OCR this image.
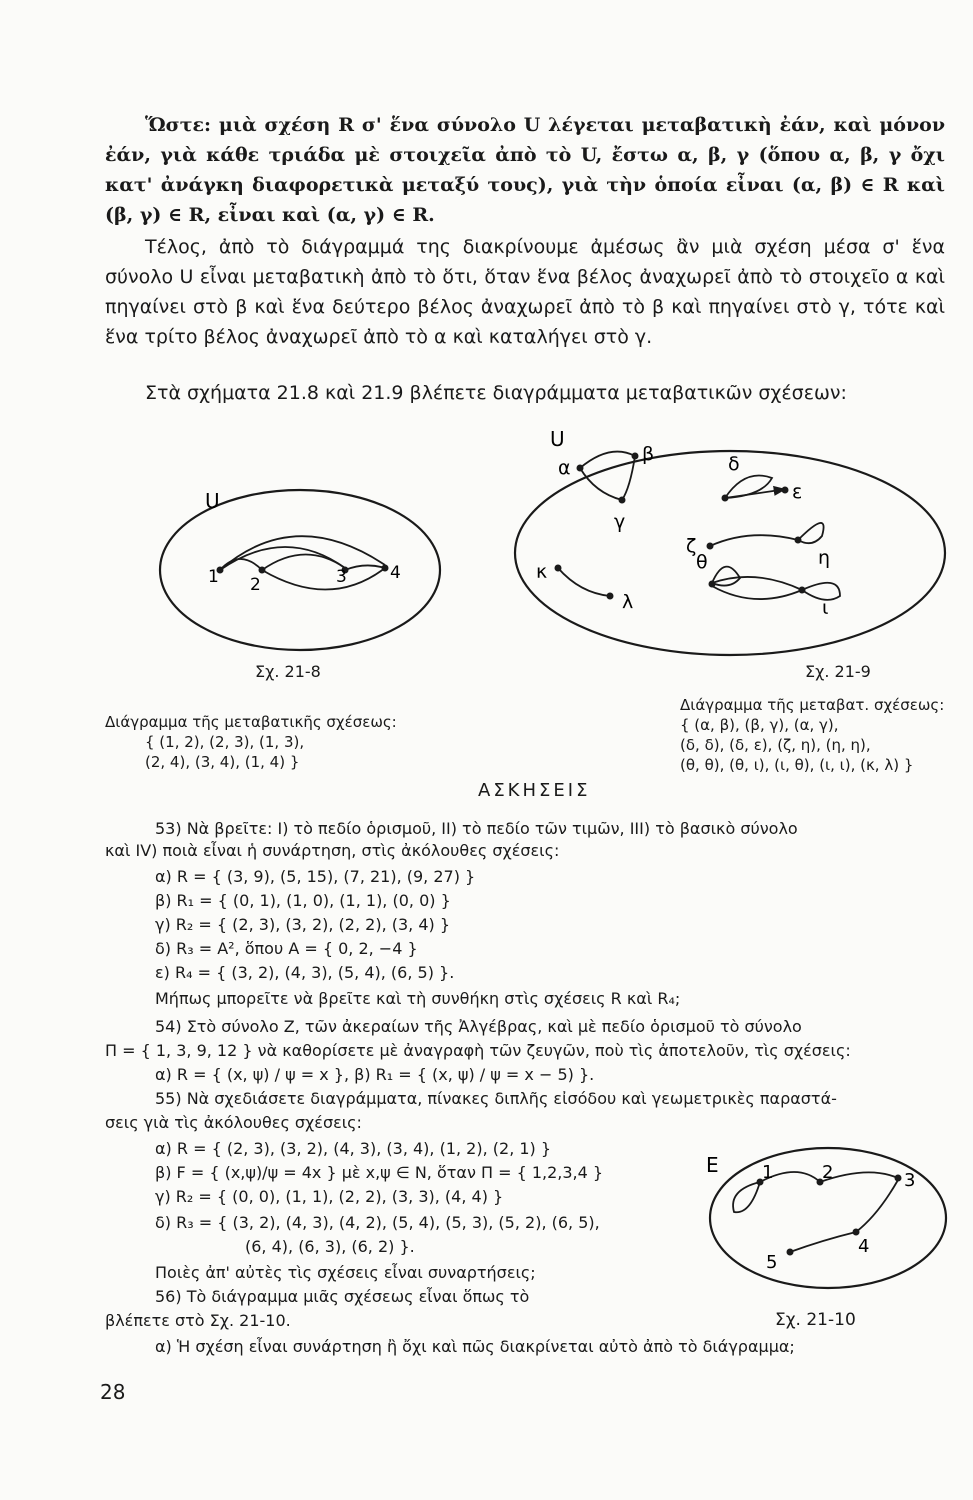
Ὥστε: μιὰ σχέση R σ' ἕνα σύνολο U λέγεται μεταβατικὴ ἐάν, καὶ μόνον ἐάν, γιὰ κάθε τριάδα μὲ στοιχεῖα ἀπὸ τὸ U, ἔστω α, β, γ (ὅπου α, β, γ ὄχι κατ' ἀνάγκη διαφορετικὰ μεταξύ τους), γιὰ τὴν ὁποία εἶναι (α, β) ∈ R καὶ (β, γ) ∈ R, εἶναι καὶ (α, γ) ∈ R.
Τέλος, ἀπὸ τὸ διάγραμμά της διακρίνουμε ἀμέσως ἂν μιὰ σχέση μέσα σ' ἕνα σύνολο U εἶναι μεταβατικὴ ἀπὸ τὸ ὅτι, ὅταν ἕνα βέλος ἀναχωρεῖ ἀπὸ τὸ στοιχεῖο α καὶ πηγαίνει στὸ β καὶ ἕνα δεύτερο βέλος ἀναχωρεῖ ἀπὸ τὸ β καὶ πηγαίνει στὸ γ, τότε καὶ ἕνα τρίτο βέλος ἀναχωρεῖ ἀπὸ τὸ α καὶ καταλήγει στὸ γ.
Στὰ σχήματα 21.8 καὶ 21.9 βλέπετε διαγράμματα μεταβατικῶν σχέσεων:
U
1 2	3	4
Σχ. 21-8
Διάγραμμα τῆς μεταβατικῆς σχέσεως:
{ (1, 2), (2, 3), (1, 3),
(2, 4), (3, 4), (1, 4) }
U
α
β
γ
δ
ε
ζ
η
θ
ι
κ
λ
Σχ. 21-9
Διάγραμμα τῆς μεταβατ. σχέσεως:
{ (α, β), (β, γ), (α, γ),
(δ, δ), (δ, ε), (ζ, η), (η, η),
(θ, θ), (θ, ι), (ι, θ), (ι, ι), (κ, λ) }
ΑΣΚΗΣΕΙΣ
53) Νὰ βρεῖτε: Ι) τὸ πεδίο ὁρισμοῦ, ΙΙ) τὸ πεδίο τῶν τιμῶν, ΙΙΙ) τὸ βασικὸ σύνολο
καὶ ΙV) ποιὰ εἶναι ἡ συνάρτηση, στὶς ἀκόλουθες σχέσεις:
α) R = { (3, 9), (5, 15), (7, 21), (9, 27) }
β) R₁ = { (0, 1), (1, 0), (1, 1), (0, 0) }
γ) R₂ = { (2, 3), (3, 2), (2, 2), (3, 4) }
δ) R₃ = A², ὅπου A = { 0, 2, −4 }
ε) R₄ = { (3, 2), (4, 3), (5, 4), (6, 5) }.
Μήπως μπορεῖτε νὰ βρεῖτε καὶ τὴ συνθήκη στὶς σχέσεις R καὶ R₄;
54) Στὸ σύνολο Ζ, τῶν ἀκεραίων τῆς Ἀλγέβρας, καὶ μὲ πεδίο ὁρισμοῦ τὸ σύνολο
Π = { 1, 3, 9, 12 } νὰ καθορίσετε μὲ ἀναγραφὴ τῶν ζευγῶν, ποὺ τὶς ἀποτελοῦν, τὶς σχέσεις:
α) R = { (x, ψ) / ψ = x }, β) R₁ = { (x, ψ) / ψ = x − 5) }.
55) Νὰ σχεδιάσετε διαγράμματα, πίνακες διπλῆς εἰσόδου καὶ γεωμετρικὲς παραστά-
σεις γιὰ τὶς ἀκόλουθες σχέσεις:
α) R = { (2, 3), (3, 2), (4, 3), (3, 4), (1, 2), (2, 1) }
β) F = { (x,ψ)/ψ = 4x } μὲ x,ψ ∈ N, ὅταν Π = { 1,2,3,4 }
γ) R₂ = { (0, 0), (1, 1), (2, 2), (3, 3), (4, 4) }
δ) R₃ = { (3, 2), (4, 3), (4, 2), (5, 4), (5, 3), (5, 2), (6, 5),
(6, 4), (6, 3), (6, 2) }.
Ποιὲς ἀπ' αὐτὲς τὶς σχέσεις εἶναι συναρτήσεις;
56) Τὸ διάγραμμα μιᾶς σχέσεως εἶναι ὅπως τὸ
βλέπετε στὸ Σχ. 21-10.
α) Ἡ σχέση εἶναι συνάρτηση ἢ ὄχι καὶ πῶς διακρίνεται αὐτὸ ἀπὸ τὸ διάγραμμα;
E 1	2	3
4
5
Σχ. 21-10
28
